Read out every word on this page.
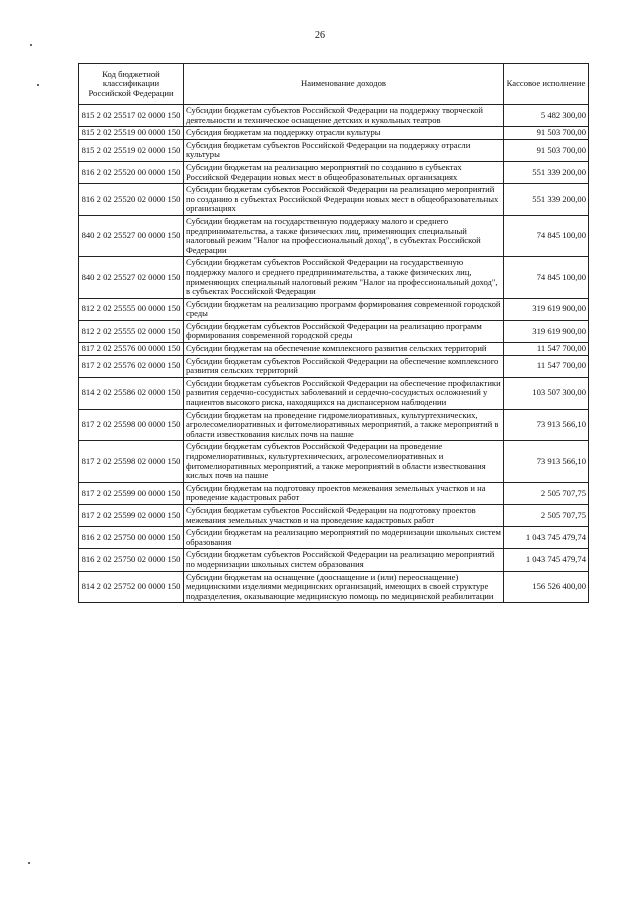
26
Код бюджетной классификации Российской Федерации	Наименование доходов	Кассовое исполнение
815 2 02 25517 02 0000 150	Субсидии бюджетам субъектов Российской Федерации на поддержку творческой деятельности и техническое оснащение детских и кукольных театров	5 482 300,00
815 2 02 25519 00 0000 150	Субсидия бюджетам на поддержку отрасли культуры	91 503 700,00
815 2 02 25519 02 0000 150	Субсидия бюджетам субъектов Российской Федерации на поддержку отрасли культуры	91 503 700,00
816 2 02 25520 00 0000 150	Субсидии бюджетам на реализацию мероприятий по созданию в субъектах Российской Федерации новых мест в общеобразовательных организациях	551 339 200,00
816 2 02 25520 02 0000 150	Субсидии бюджетам субъектов Российской Федерации на реализацию мероприятий по созданию в субъектах Российской Федерации новых мест в общеобразовательных организациях	551 339 200,00
840 2 02 25527 00 0000 150	Субсидии бюджетам на государственную поддержку малого и среднего предпринимательства, а также физических лиц, применяющих специальный налоговый режим "Налог на профессиональный доход", в субъектах Российской Федерации	74 845 100,00
840 2 02 25527 02 0000 150	Субсидии бюджетам субъектов Российской Федерации на государственную поддержку малого и среднего предпринимательства, а также физических лиц, применяющих специальный налоговый режим "Налог на профессиональный доход", в субъектах Российской Федерации	74 845 100,00
812 2 02 25555 00 0000 150	Субсидии бюджетам на реализацию программ формирования современной городской среды	319 619 900,00
812 2 02 25555 02 0000 150	Субсидии бюджетам субъектов Российской Федерации на реализацию программ формирования современной городской среды	319 619 900,00
817 2 02 25576 00 0000 150	Субсидии бюджетам на обеспечение комплексного развития сельских территорий	11 547 700,00
817 2 02 25576 02 0000 150	Субсидии бюджетам субъектов Российской Федерации на обеспечение комплексного развития сельских территорий	11 547 700,00
814 2 02 25586 02 0000 150	Субсидии бюджетам субъектов Российской Федерации на обеспечение профилактики развития сердечно-сосудистых заболеваний и сердечно-сосудистых осложнений у пациентов высокого риска, находящихся на диспансерном наблюдении	103 507 300,00
817 2 02 25598 00 0000 150	Субсидии бюджетам на проведение гидромелиоративных, культуртехнических, агролесомелиоративных и фитомелиоративных мероприятий, а также мероприятий в области известкования кислых почв на пашне	73 913 566,10
817 2 02 25598 02 0000 150	Субсидии бюджетам субъектов Российской Федерации на проведение гидромелиоративных, культуртехнических, агролесомелиоративных и фитомелиоративных мероприятий, а также мероприятий в области известкования кислых почв на пашне	73 913 566,10
817 2 02 25599 00 0000 150	Субсидии бюджетам на подготовку проектов межевания земельных участков и на проведение кадастровых работ	2 505 707,75
817 2 02 25599 02 0000 150	Субсидия бюджетам субъектов Российской Федерации на подготовку проектов межевания земельных участков и на проведение кадастровых работ	2 505 707,75
816 2 02 25750 00 0000 150	Субсидии бюджетам на реализацию мероприятий по модернизации школьных систем образования	1 043 745 479,74
816 2 02 25750 02 0000 150	Субсидии бюджетам субъектов Российской Федерации на реализацию мероприятий по модернизации школьных систем образования	1 043 745 479,74
814 2 02 25752 00 0000 150	Субсидии бюджетам на оснащение (дооснащение и (или) переоснащение) медицинскими изделиями медицинских организаций, имеющих в своей структуре подразделения, оказывающие медицинскую помощь по медицинской реабилитации	156 526 400,00
